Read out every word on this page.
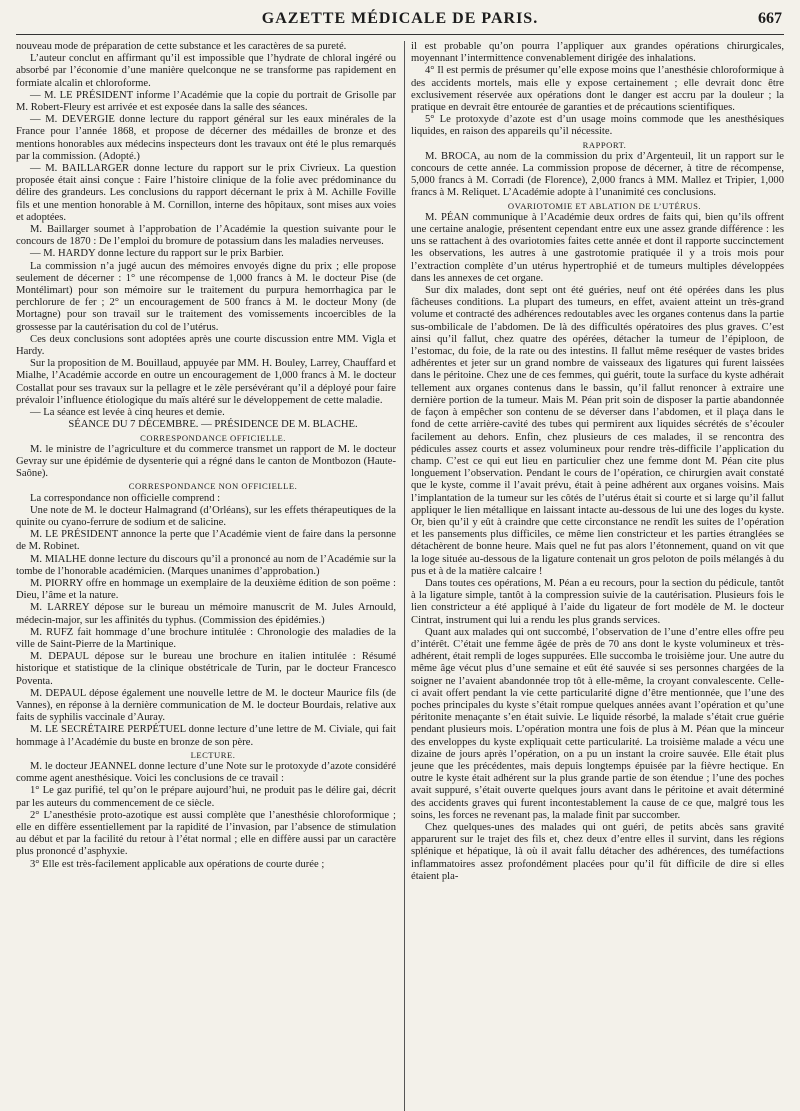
GAZETTE MÉDICALE DE PARIS.	667

nouveau mode de préparation de cette substance et les caractères de sa pureté.

L’auteur conclut en affirmant qu’il est impossible que l’hydrate de chloral ingéré ou absorbé par l’économie d’une manière quelconque ne se transforme pas rapidement en formiate alcalin et chloroforme.

— M. LE PRÉSIDENT informe l’Académie que la copie du portrait de Grisolle par M. Robert-Fleury est arrivée et est exposée dans la salle des séances.

— M. DEVERGIE donne lecture du rapport général sur les eaux minérales de la France pour l’année 1868, et propose de décerner des médailles de bronze et des mentions honorables aux médecins inspecteurs dont les travaux ont été le plus remarqués par la commission. (Adopté.)

— M. BAILLARGER donne lecture du rapport sur le prix Civrieux. La question proposée était ainsi conçue : Faire l’histoire clinique de la folie avec prédominance du délire des grandeurs. Les conclusions du rapport décernant le prix à M. Achille Foville fils et une mention honorable à M. Cornillon, interne des hôpitaux, sont mises aux voies et adoptées.

M. Baillarger soumet à l’approbation de l’Académie la question suivante pour le concours de 1870 : De l’emploi du bromure de potassium dans les maladies nerveuses.

— M. HARDY donne lecture du rapport sur le prix Barbier.

La commission n’a jugé aucun des mémoires envoyés digne du prix ; elle propose seulement de décerner : 1° une récompense de 1,000 francs à M. le docteur Pise (de Montélimart) pour son mémoire sur le traitement du purpura hemorrhagica par le perchlorure de fer ; 2° un encouragement de 500 francs à M. le docteur Mony (de Mortagne) pour son travail sur le traitement des vomissements incoercibles de la grossesse par la cautérisation du col de l’utérus.

Ces deux conclusions sont adoptées après une courte discussion entre MM. Vigla et Hardy.

Sur la proposition de M. Bouillaud, appuyée par MM. H. Bouley, Larrey, Chauffard et Mialhe, l’Académie accorde en outre un encouragement de 1,000 francs à M. le docteur Costallat pour ses travaux sur la pellagre et le zèle persévérant qu’il a déployé pour faire prévaloir l’influence étiologique du maïs altéré sur le développement de cette maladie.

— La séance est levée à cinq heures et demie.

SÉANCE DU 7 DÉCEMBRE. — PRÉSIDENCE DE M. BLACHE.

CORRESPONDANCE OFFICIELLE.

M. le ministre de l’agriculture et du commerce transmet un rapport de M. le docteur Gevray sur une épidémie de dysenterie qui a régné dans le canton de Montbozon (Haute-Saône).

CORRESPONDANCE NON OFFICIELLE.

La correspondance non officielle comprend :

Une note de M. le docteur Halmagrand (d’Orléans), sur les effets thérapeutiques de la quinite ou cyano-ferrure de sodium et de salicine.

M. LE PRÉSIDENT annonce la perte que l’Académie vient de faire dans la personne de M. Robinet.

M. MIALHE donne lecture du discours qu’il a prononcé au nom de l’Académie sur la tombe de l’honorable académicien. (Marques unanimes d’approbation.)

M. PIORRY offre en hommage un exemplaire de la deuxième édition de son poëme : Dieu, l’âme et la nature.

M. LARREY dépose sur le bureau un mémoire manuscrit de M. Jules Arnould, médecin-major, sur les affinités du typhus. (Commission des épidémies.)

M. RUFZ fait hommage d’une brochure intitulée : Chronologie des maladies de la ville de Saint-Pierre de la Martinique.

M. DEPAUL dépose sur le bureau une brochure en italien intitulée : Résumé historique et statistique de la clinique obstétricale de Turin, par le docteur Francesco Poventa.

M. DEPAUL dépose également une nouvelle lettre de M. le docteur Maurice fils (de Vannes), en réponse à la dernière communication de M. le docteur Bourdais, relative aux faits de syphilis vaccinale d’Auray.

M. LE SECRÉTAIRE PERPÉTUEL donne lecture d’une lettre de M. Civiale, qui fait hommage à l’Académie du buste en bronze de son père.

LECTURE.

M. le docteur JEANNEL donne lecture d’une Note sur le protoxyde d’azote considéré comme agent anesthésique. Voici les conclusions de ce travail :

1° Le gaz purifié, tel qu’on le prépare aujourd’hui, ne produit pas le délire gai, décrit par les auteurs du commencement de ce siècle.

2° L’anesthésie proto-azotique est aussi complète que l’anesthésie chloroformique ; elle en diffère essentiellement par la rapidité de l’invasion, par l’absence de stimulation au début et par la facilité du retour à l’état normal ; elle en diffère aussi par un caractère plus prononcé d’asphyxie.

3° Elle est très-facilement applicable aux opérations de courte durée ;

il est probable qu’on pourra l’appliquer aux grandes opérations chirurgicales, moyennant l’intermittence convenablement dirigée des inhalations.

4° Il est permis de présumer qu’elle expose moins que l’anesthésie chloroformique à des accidents mortels, mais elle y expose certainement ; elle devrait donc être exclusivement réservée aux opérations dont le danger est accru par la douleur ; la pratique en devrait être entourée de garanties et de précautions scientifiques.

5° Le protoxyde d’azote est d’un usage moins commode que les anesthésiques liquides, en raison des appareils qu’il nécessite.

RAPPORT.

M. BROCA, au nom de la commission du prix d’Argenteuil, lit un rapport sur le concours de cette année. La commission propose de décerner, à titre de récompense, 5,000 francs à M. Corradi (de Florence), 2,000 francs à MM. Mallez et Tripier, 1,000 francs à M. Reliquet. L’Académie adopte à l’unanimité ces conclusions.

OVARIOTOMIE ET ABLATION DE L’UTÉRUS.

M. PÉAN communique à l’Académie deux ordres de faits qui, bien qu’ils offrent une certaine analogie, présentent cependant entre eux une assez grande différence : les uns se rattachent à des ovariotomies faites cette année et dont il rapporte succinctement les observations, les autres à une gastrotomie pratiquée il y a trois mois pour l’extraction complète d’un utérus hypertrophié et de tumeurs multiples développées dans les annexes de cet organe.

Sur dix malades, dont sept ont été guéries, neuf ont été opérées dans les plus fâcheuses conditions. La plupart des tumeurs, en effet, avaient atteint un très-grand volume et contracté des adhérences redoutables avec les organes contenus dans la partie sus-ombilicale de l’abdomen. De là des difficultés opératoires des plus graves. C’est ainsi qu’il fallut, chez quatre des opérées, détacher la tumeur de l’épiploon, de l’estomac, du foie, de la rate ou des intestins. Il fallut même reséquer de vastes brides adhérentes et jeter sur un grand nombre de vaisseaux des ligatures qui furent laissées dans le péritoine. Chez une de ces femmes, qui guérit, toute la surface du kyste adhérait tellement aux organes contenus dans le bassin, qu’il fallut renoncer à extraire une dernière portion de la tumeur. Mais M. Péan prit soin de disposer la partie abandonnée de façon à empêcher son contenu de se déverser dans l’abdomen, et il plaça dans le fond de cette arrière-cavité des tubes qui permirent aux liquides sécrétés de s’écouler facilement au dehors. Enfin, chez plusieurs de ces malades, il se rencontra des pédicules assez courts et assez volumineux pour rendre très-difficile l’application du champ. C’est ce qui eut lieu en particulier chez une femme dont M. Péan cite plus longuement l’observation. Pendant le cours de l’opération, ce chirurgien avait constaté que le kyste, comme il l’avait prévu, était à peine adhérent aux organes voisins. Mais l’implantation de la tumeur sur les côtés de l’utérus était si courte et si large qu’il fallut appliquer le lien métallique en laissant intacte au-dessous de lui une des loges du kyste. Or, bien qu’il y eût à craindre que cette circonstance ne rendît les suites de l’opération et les pansements plus difficiles, ce même lien constricteur et les parties étranglées se détachèrent de bonne heure. Mais quel ne fut pas alors l’étonnement, quand on vit que la loge située au-dessous de la ligature contenait un gros peloton de poils mélangés à du pus et à de la matière calcaire !

Dans toutes ces opérations, M. Péan a eu recours, pour la section du pédicule, tantôt à la ligature simple, tantôt à la compression suivie de la cautérisation. Plusieurs fois le lien constricteur a été appliqué à l’aide du ligateur de fort modèle de M. le docteur Cintrat, instrument qui lui a rendu les plus grands services.

Quant aux malades qui ont succombé, l’observation de l’une d’entre elles offre peu d’intérêt. C’était une femme âgée de près de 70 ans dont le kyste volumineux et très-adhérent, était rempli de loges suppurées. Elle succomba le troisième jour. Une autre du même âge vécut plus d’une semaine et eût été sauvée si ses personnes chargées de la soigner ne l’avaient abandonnée trop tôt à elle-même, la croyant convalescente. Celle-ci avait offert pendant la vie cette particularité digne d’être mentionnée, que l’une des poches principales du kyste s’était rompue quelques années avant l’opération et qu’une péritonite menaçante s’en était suivie. Le liquide résorbé, la malade s’était crue guérie pendant plusieurs mois. L’opération montra une fois de plus à M. Péan que la minceur des enveloppes du kyste expliquait cette particularité. La troisième malade a vécu une dizaine de jours après l’opération, on a pu un instant la croire sauvée. Elle était plus jeune que les précédentes, mais depuis longtemps épuisée par la fièvre hectique. En outre le kyste était adhérent sur la plus grande partie de son étendue ; l’une des poches avait suppuré, s’était ouverte quelques jours avant dans le péritoine et avait déterminé des accidents graves qui furent incontestablement la cause de ce que, malgré tous les soins, les forces ne revenant pas, la malade finit par succomber.

Chez quelques-unes des malades qui ont guéri, de petits abcès sans gravité apparurent sur le trajet des fils et, chez deux d’entre elles il survint, dans les régions splénique et hépatique, là où il avait fallu détacher des adhérences, des tuméfactions inflammatoires assez profondément placées pour qu’il fût difficile de dire si elles étaient pla-
